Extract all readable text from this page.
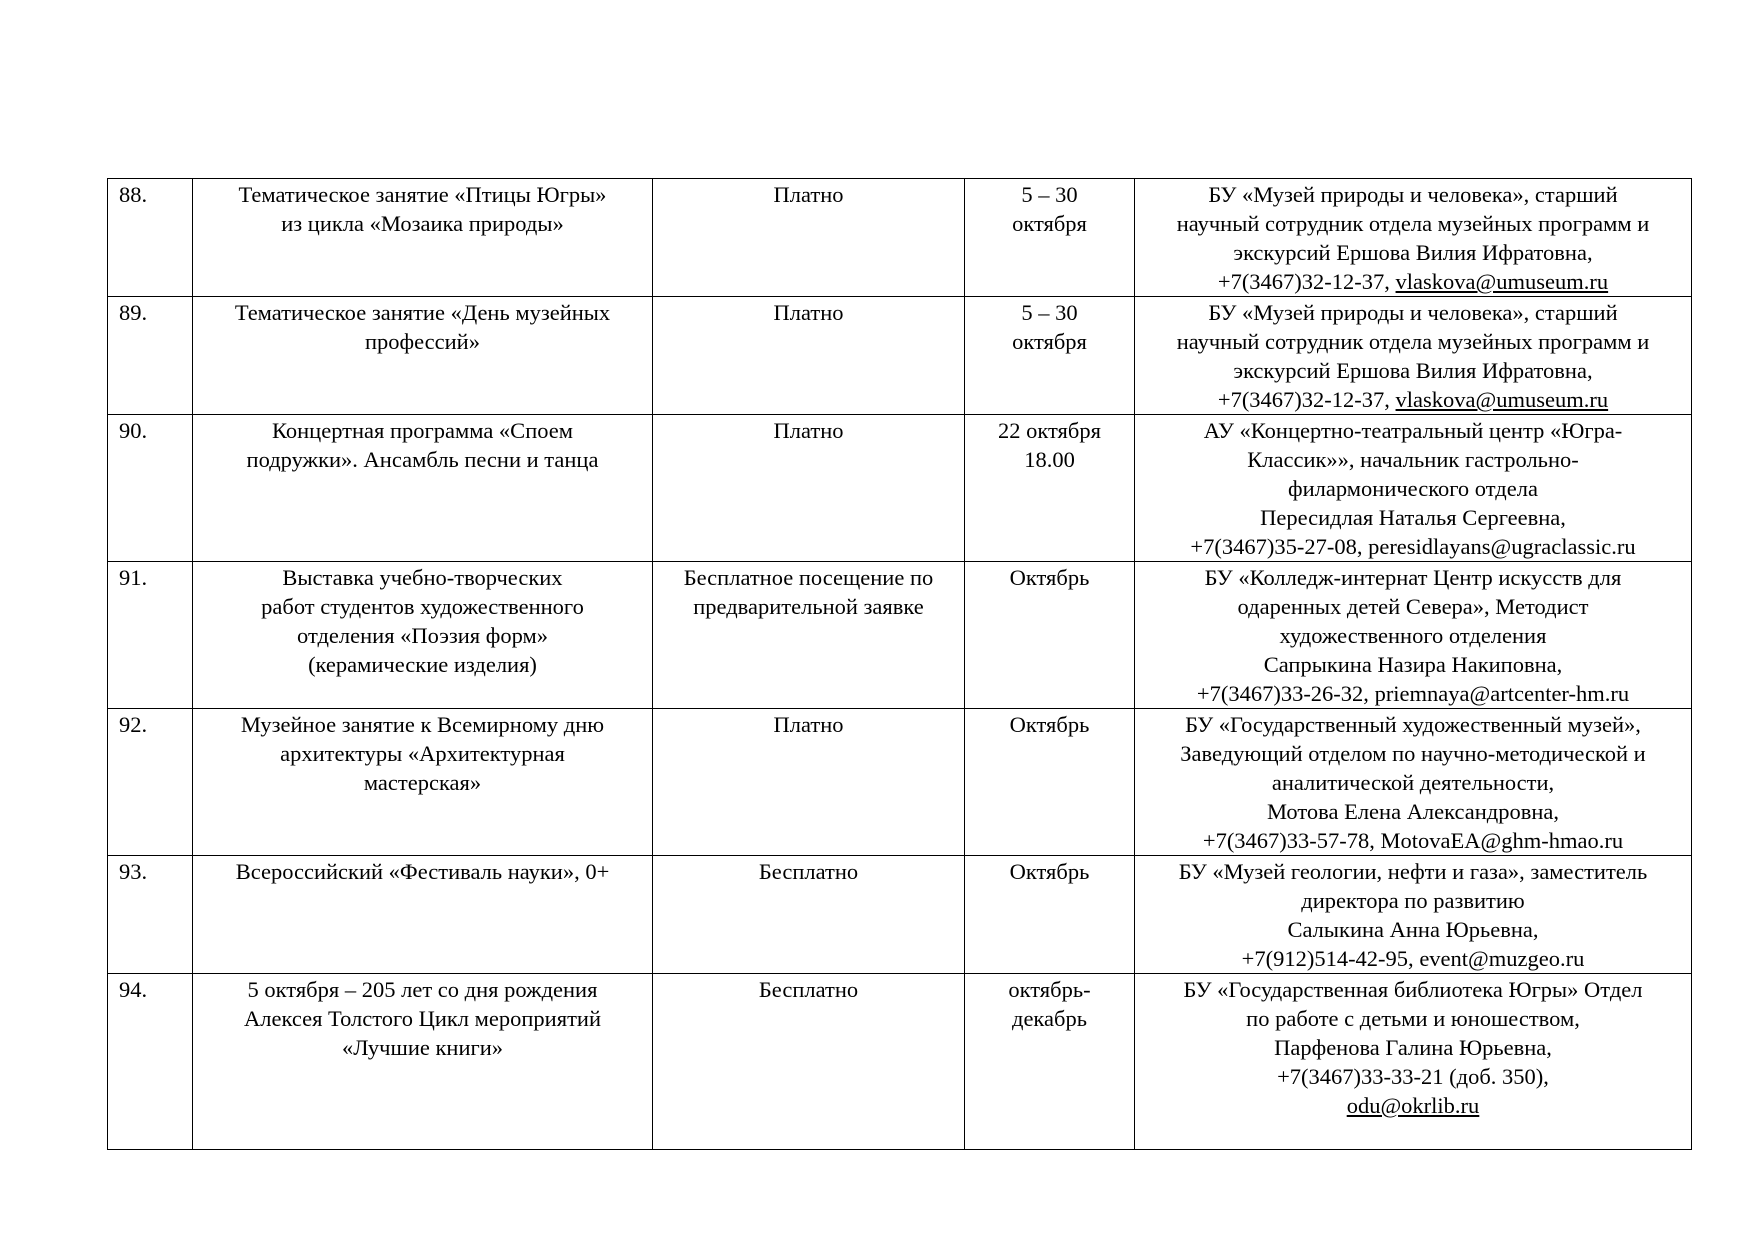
88.	Тематическое занятие «Птицы Югры»
из цикла «Мозаика природы»	Платно	5 – 30
октября	БУ «Музей природы и человека», старший
научный сотрудник отдела музейных программ и
экскурсий Ершова Вилия Ифратовна,
+7(3467)32-12-37, vlaskova@umuseum.ru

89.	Тематическое занятие «День музейных
профессий»	Платно	5 – 30
октября	БУ «Музей природы и человека», старший
научный сотрудник отдела музейных программ и
экскурсий Ершова Вилия Ифратовна,
+7(3467)32-12-37, vlaskova@umuseum.ru

90.	Концертная программа «Споем
подружки». Ансамбль песни и танца	Платно	22 октября
18.00	АУ «Концертно-театральный центр «Югра-
Классик»», начальник гастрольно-
филармонического отдела
Пересидлая Наталья Сергеевна,
+7(3467)35-27-08, peresidlayans@ugraclassic.ru

91.	Выставка учебно-творческих
работ студентов художественного
отделения «Поэзия форм»
(керамические изделия)	Бесплатное посещение по
предварительной заявке	Октябрь	БУ «Колледж-интернат Центр искусств для
одаренных детей Севера», Методист
художественного отделения
Сапрыкина Назира Накиповна,
+7(3467)33-26-32, priemnaya@artcenter-hm.ru

92.	Музейное занятие к Всемирному дню
архитектуры «Архитектурная
мастерская»	Платно	Октябрь	БУ «Государственный художественный музей»,
Заведующий отделом по научно-методической и
аналитической деятельности,
Мотова Елена Александровна,
+7(3467)33-57-78, MotovaEA@ghm-hmao.ru

93.	Всероссийский «Фестиваль науки», 0+	Бесплатно	Октябрь	БУ «Музей геологии, нефти и газа», заместитель
директора по развитию
Салыкина Анна Юрьевна,
+7(912)514-42-95, event@muzgeo.ru

94.	5 октября – 205 лет со дня рождения
Алексея Толстого Цикл мероприятий
«Лучшие книги»	Бесплатно	октябрь-
декабрь	БУ «Государственная библиотека Югры» Отдел
по работе с детьми и юношеством,
Парфенова Галина Юрьевна,
+7(3467)33-33-21 (доб. 350),
odu@okrlib.ru
